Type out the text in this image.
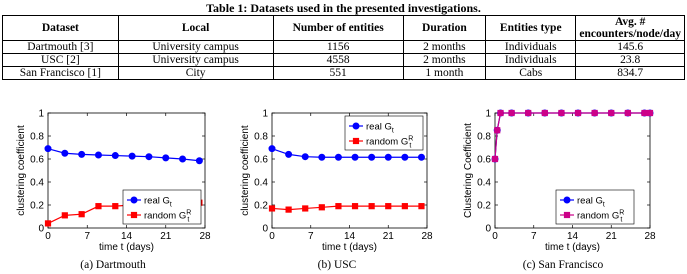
Table 1: Datasets used in the presented investigations.
Dataset	Local	Number of entities	Duration	Entities type	Avg. # encounters/node/day
Dartmouth [3]	University campus	1156	2 months	Individuals	145.6
USC [2]	University campus	4558	2 months	Individuals	23.8
San Francisco [1]	City	551	1 month	Cabs	834.7
0	7	14	21	28
0
0.2
0.4
0.6
0.8
1
time t (days)
clustering coefficient	real $G_t$
random $G^R$ t
(a) Dartmouth
0	7	14	21	28
0
0.2
0.4
0.6
0.8
1
time t (days)
clustering coefficient	real $G_t$
random $G^R$ t
(b) USC
0	7	14	21	28
0
0.2
0.4
0.6
0.8
1
time t (days)
Clustering Coefficient	real $G_t$
random $G^R$ t
(c) San Francisco
